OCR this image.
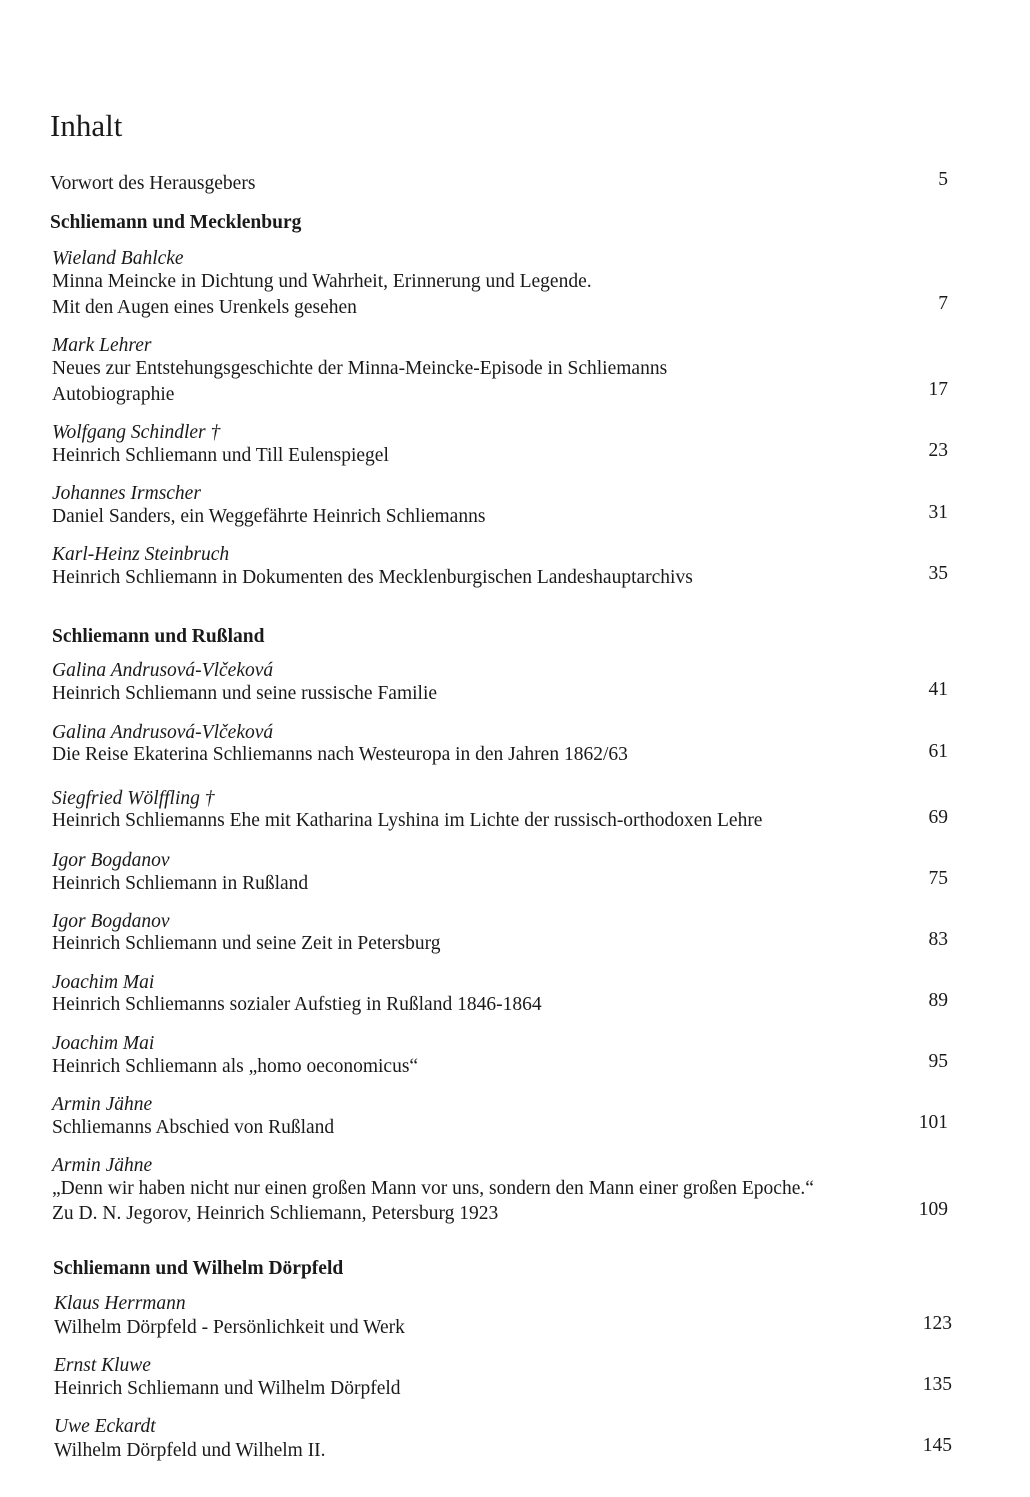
Inhalt
Vorwort des Herausgebers	5
Schliemann und Mecklenburg
Wieland Bahlcke
Minna Meincke in Dichtung und Wahrheit, Erinnerung und Legende.
Mit den Augen eines Urenkels gesehen	7
Mark Lehrer
Neues zur Entstehungsgeschichte der Minna-Meincke-Episode in Schliemanns
Autobiographie	17
Wolfgang Schindler †
Heinrich Schliemann und Till Eulenspiegel	23
Johannes Irmscher
Daniel Sanders, ein Weggefährte Heinrich Schliemanns	31
Karl-Heinz Steinbruch
Heinrich Schliemann in Dokumenten des Mecklenburgischen Landeshauptarchivs	35
Schliemann und Rußland
Galina Andrusová-Vlčeková
Heinrich Schliemann und seine russische Familie	41
Galina Andrusová-Vlčeková
Die Reise Ekaterina Schliemanns nach Westeuropa in den Jahren 1862/63	61
Siegfried Wölffling †
Heinrich Schliemanns Ehe mit Katharina Lyshina im Lichte der russisch-orthodoxen Lehre	69
Igor Bogdanov
Heinrich Schliemann in Rußland	75
Igor Bogdanov
Heinrich Schliemann und seine Zeit in Petersburg	83
Joachim Mai
Heinrich Schliemanns sozialer Aufstieg in Rußland 1846-1864	89
Joachim Mai
Heinrich Schliemann als „homo oeconomicus“	95
Armin Jähne
Schliemanns Abschied von Rußland	101
Armin Jähne
„Denn wir haben nicht nur einen großen Mann vor uns, sondern den Mann einer großen Epoche.“
Zu D. N. Jegorov, Heinrich Schliemann, Petersburg 1923	109
Schliemann und Wilhelm Dörpfeld
Klaus Herrmann
Wilhelm Dörpfeld - Persönlichkeit und Werk	123
Ernst Kluwe
Heinrich Schliemann und Wilhelm Dörpfeld	135
Uwe Eckardt
Wilhelm Dörpfeld und Wilhelm II.	145
